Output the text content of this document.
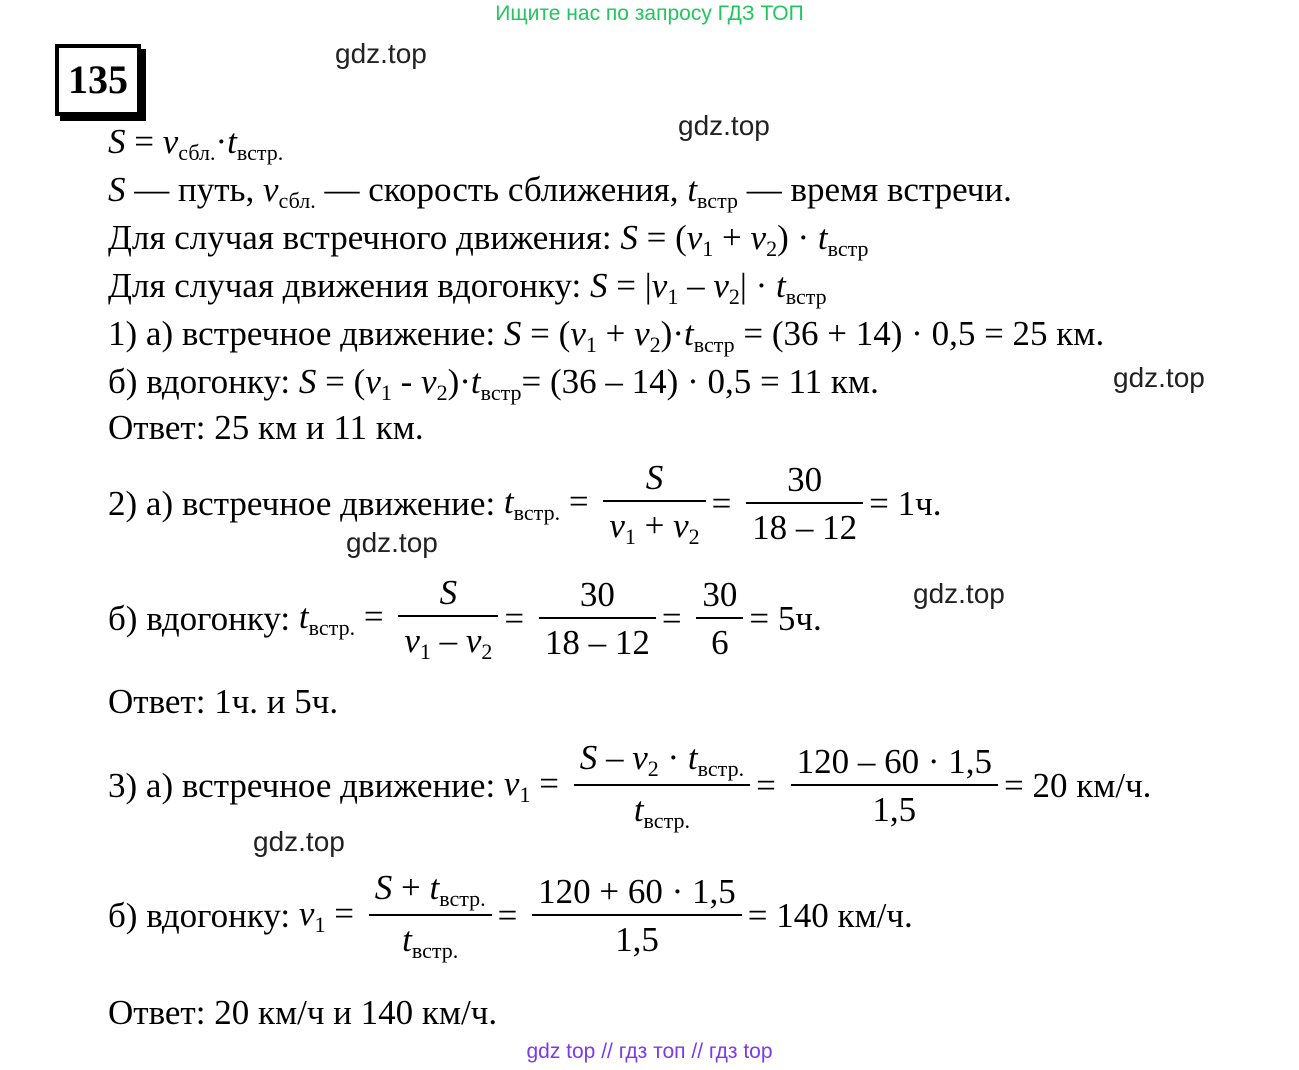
Ищите нас по запросу ГДЗ ТОП
135
gdz.top
gdz.top
gdz.top
gdz.top
gdz.top
gdz.top
$S = v_{сбл.}\cdot t_{встр.}$
S — путь, $v_{сбл.}$ — скорость сближения, $t_{встр}$ — время встречи.
Для случая встречного движения: $S = (v_1 + v_2) \cdot t_{встр}$
Для случая движения вдогонку: $S = |v_1 - v_2| \cdot t_{встр}$
1) а) встречное движение: $S = (v_1 + v_2)\cdot t_{встр} = (36 + 14) \cdot 0,5 = 25$ км.
б) вдогонку: $S = (v_1 - v_2)\cdot t_{встр}= (36 - 14) \cdot 0,5 = 11$ км.
Ответ: 25 км и 11 км.
2) а) встречное движение: $t_{встр.} = \frac{S}{v_1 + v_2} = \frac{30}{18 - 12} = 1ч$.
б) вдогонку: $t_{встр.} = \frac{S}{v_1 - v_2} = \frac{30}{18 - 12} = \frac{30}{6} = 5ч$.
Ответ: 1ч. и 5ч.
3) а) встречное движение: $v_1 = \frac{S - v_2 \cdot t_{встр.}}{t_{встр.}} = \frac{120 - 60 \cdot 1,5}{1,5} = 20$ км/ч.
б) вдогонку: $v_1 = \frac{S + t_{встр.}}{t_{встр.}} = \frac{120 + 60 \cdot 1,5}{1,5} = 140$ км/ч.
Ответ: 20 км/ч и 140 км/ч.
gdz top // гдз топ // гдз top
